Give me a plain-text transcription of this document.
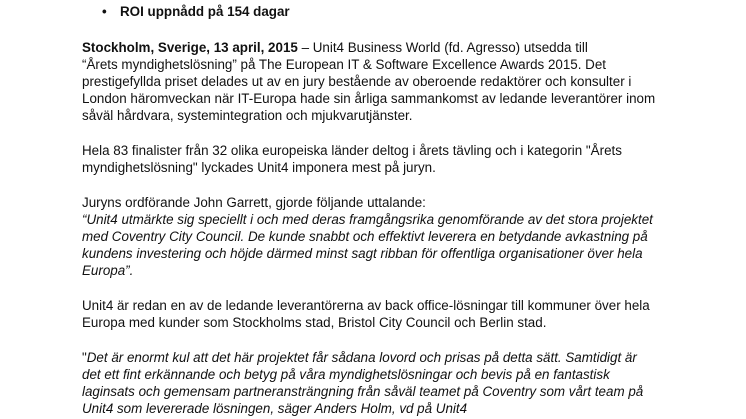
• ROI uppnådd på 154 dagar
Stockholm, Sverige, 13 april, 2015 – Unit4 Business World (fd. Agresso) utsedda till
“Årets myndighetslösning” på The European IT & Software Excellence Awards 2015. Det
prestigefyllda priset delades ut av en jury bestående av oberoende redaktörer och konsulter i
London häromveckan när IT-Europa hade sin årliga sammankomst av ledande leverantörer inom
såväl hårdvara, systemintegration och mjukvarutjänster.
Hela 83 finalister från 32 olika europeiska länder deltog i årets tävling och i kategorin "Årets
myndighetslösning" lyckades Unit4 imponera mest på juryn.
Juryns ordförande John Garrett, gjorde följande uttalande:
“Unit4 utmärkte sig speciellt i och med deras framgångsrika genomförande av det stora projektet
med Coventry City Council. De kunde snabbt och effektivt leverera en betydande avkastning på
kundens investering och höjde därmed minst sagt ribban för offentliga organisationer över hela
Europa”.
Unit4 är redan en av de ledande leverantörerna av back office-lösningar till kommuner över hela
Europa med kunder som Stockholms stad, Bristol City Council och Berlin stad.
"Det är enormt kul att det här projektet får sådana lovord och prisas på detta sätt. Samtidigt är
det ett fint erkännande och betyg på våra myndighetslösningar och bevis på en fantastisk
laginsats och gemensam partneransträngning från såväl teamet på Coventry som vårt team på
Unit4 som levererade lösningen, säger Anders Holm, vd på Unit4
